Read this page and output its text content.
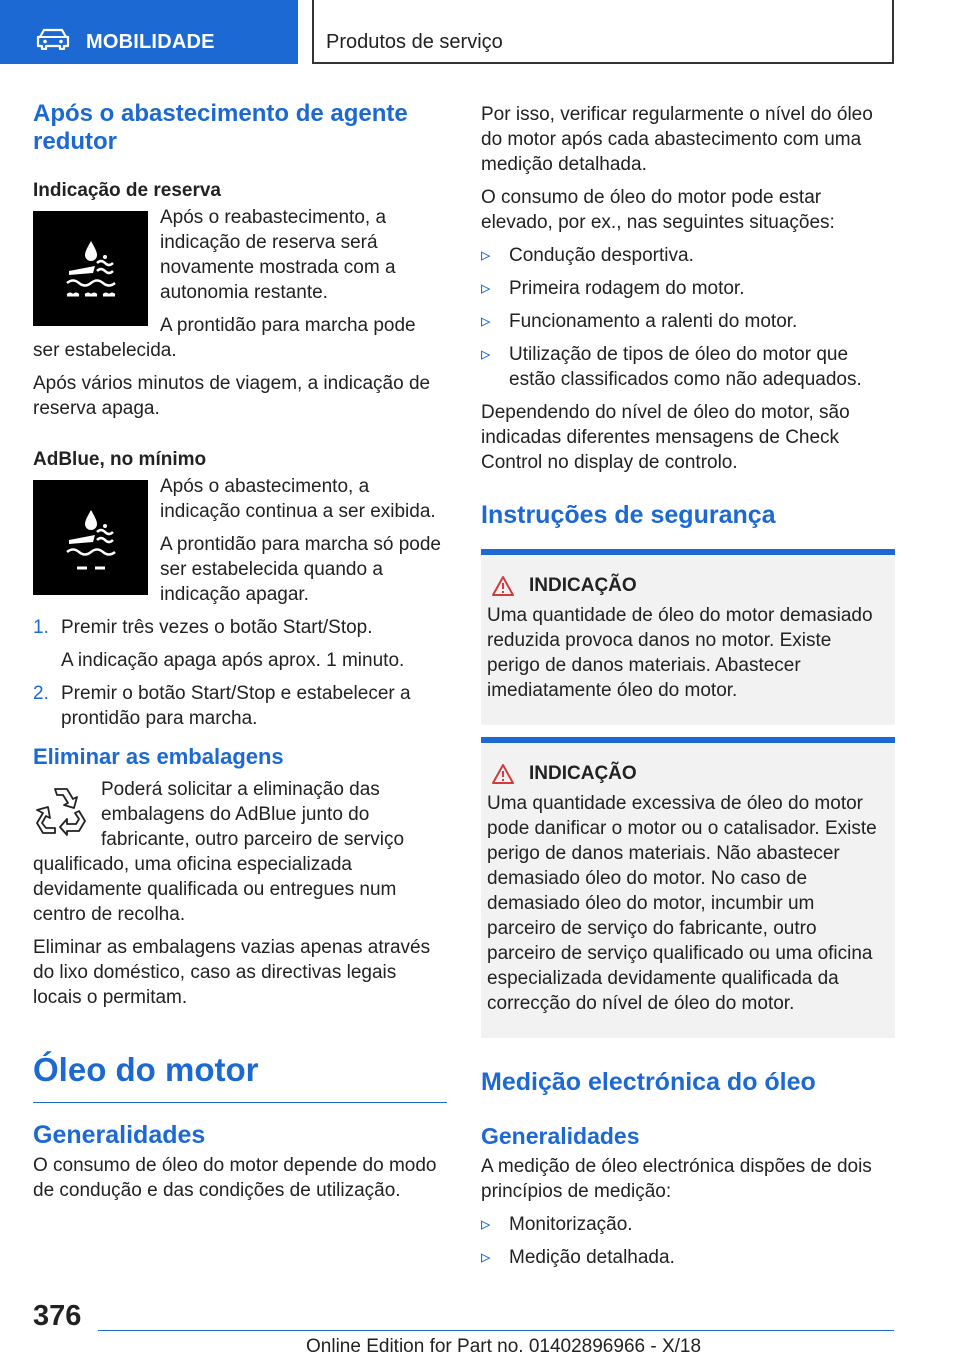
MOBILIDADE	Produtos de serviço
Após o abastecimento de agente redutor
Indicação de reserva

Após o reabastecimento, a indicação de reserva será novamente mostrada com a autonomia restante.

A prontidão para marcha pode ser estabelecida.

Após vários minutos de viagem, a indicação de reserva apaga.

AdBlue, no mínimo

Após o abastecimento, a indicação continua a ser exibida.

A prontidão para marcha só pode ser estabelecida quando a indicação apagar.

1. Premir três vezes o botão Start/Stop.
A indicação apaga após aprox. 1 minuto.
2. Premir o botão Start/Stop e estabelecer a prontidão para marcha.
Eliminar as embalagens

Poderá solicitar a eliminação das embalagens do AdBlue junto do fabricante, outro parceiro de serviço qualificado, uma oficina especializada devidamente qualificada ou entregues num centro de recolha.

Eliminar as embalagens vazias apenas através do lixo doméstico, caso as directivas legais locais o permitam.

Óleo do motor
Generalidades

O consumo de óleo do motor depende do modo de condução e das condições de utilização.

Por isso, verificar regularmente o nível do óleo do motor após cada abastecimento com uma medição detalhada.

O consumo de óleo do motor pode estar elevado, por ex., nas seguintes situações:

▹ Condução desportiva.
▹ Primeira rodagem do motor.
▹ Funcionamento a ralenti do motor.
▹ Utilização de tipos de óleo do motor que estão classificados como não adequados.

Dependendo do nível de óleo do motor, são indicadas diferentes mensagens de Check Control no display de controlo.

Instruções de segurança
INDICAÇÃO

Uma quantidade de óleo do motor demasiado reduzida provoca danos no motor. Existe perigo de danos materiais. Abastecer imediatamente óleo do motor.

INDICAÇÃO

Uma quantidade excessiva de óleo do motor pode danificar o motor ou o catalisador. Existe perigo de danos materiais. Não abastecer demasiado óleo do motor. No caso de demasiado óleo do motor, incumbir um parceiro de serviço do fabricante, outro parceiro de serviço qualificado ou uma oficina especializada devidamente qualificada da correcção do nível de óleo do motor.

Medição electrónica do óleo
Generalidades

A medição de óleo electrónica dispões de dois princípios de medição:

▹ Monitorização.
▹ Medição detalhada.
376
Online Edition for Part no. 01402896966 - X/18
